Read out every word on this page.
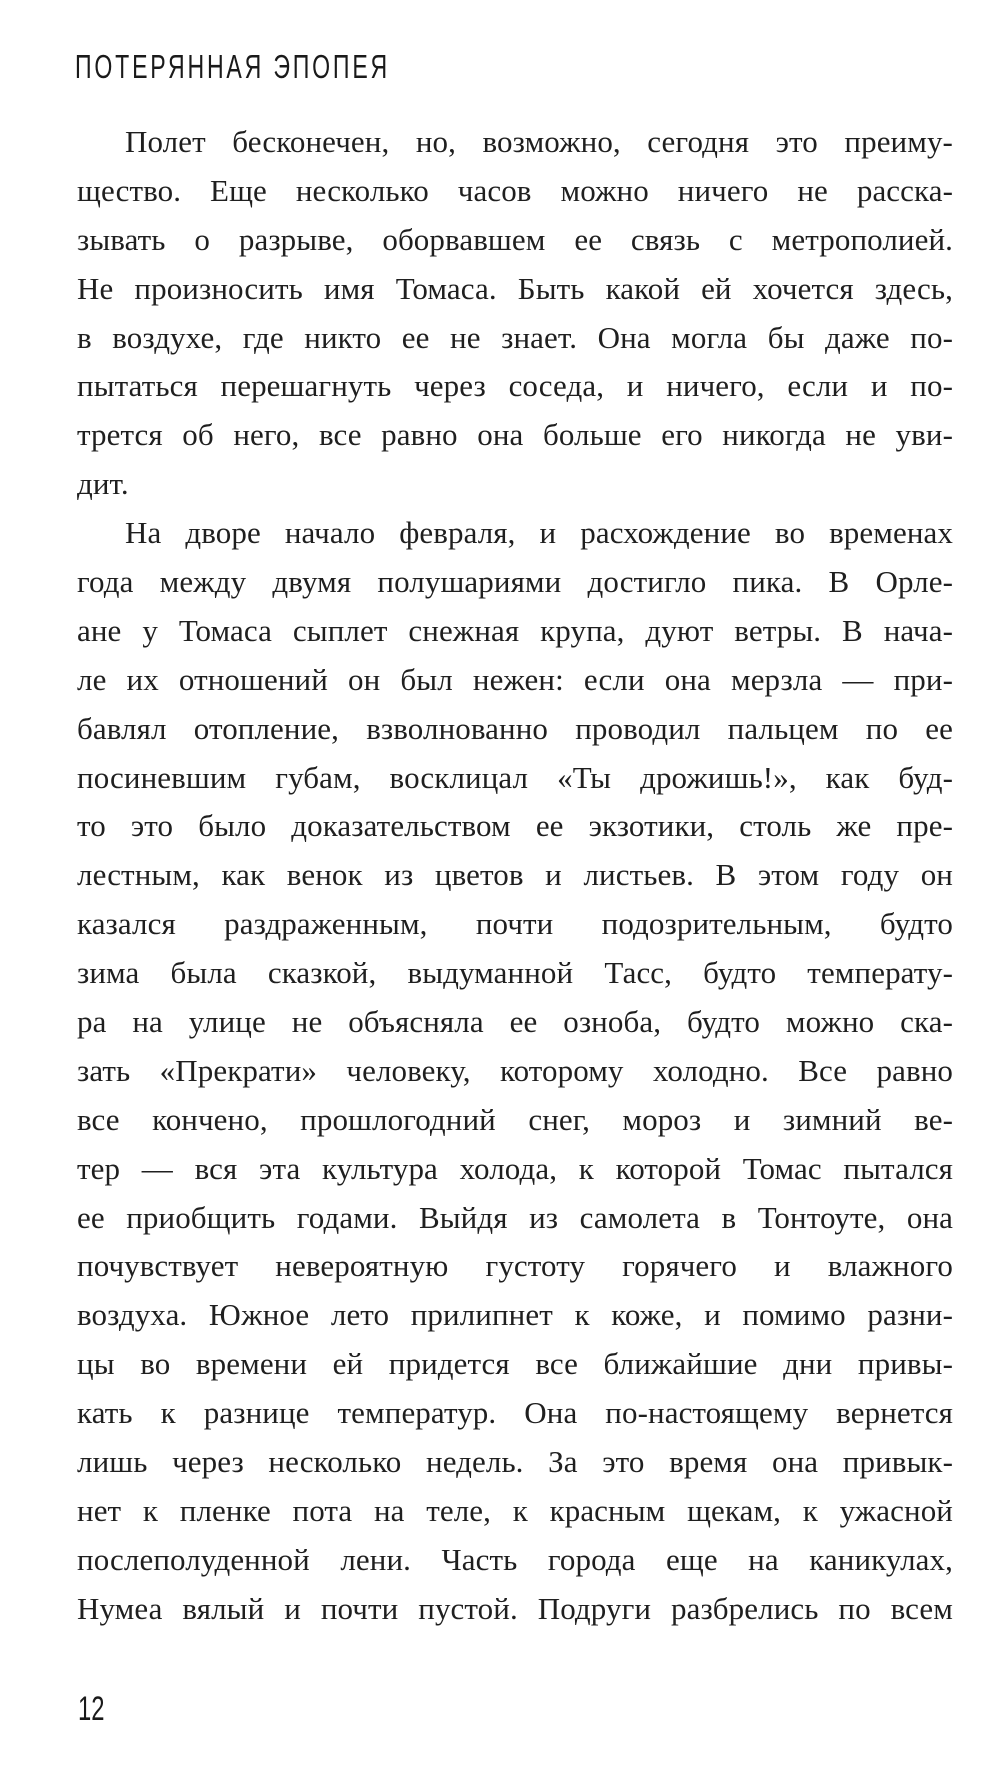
ПОТЕРЯННАЯ ЭПОПЕЯ
Полет бесконечен, но, возможно, сегодня это преиму-
щество. Еще несколько часов можно ничего не расска-
зывать о разрыве, оборвавшем ее связь с метрополией.
Не произносить имя Томаса. Быть какой ей хочется здесь,
в воздухе, где никто ее не знает. Она могла бы даже по-
пытаться перешагнуть через соседа, и ничего, если и по-
трется об него, все равно она больше его никогда не уви-
дит.
На дворе начало февраля, и расхождение во временах
года между двумя полушариями достигло пика. В Орле-
ане у Томаса сыплет снежная крупа, дуют ветры. В нача-
ле их отношений он был нежен: если она мерзла — при-
бавлял отопление, взволнованно проводил пальцем по ее
посиневшим губам, восклицал «Ты дрожишь!», как буд-
то это было доказательством ее экзотики, столь же пре-
лестным, как венок из цветов и листьев. В этом году он
казался раздраженным, почти подозрительным, будто
зима была сказкой, выдуманной Тасс, будто температу-
ра на улице не объясняла ее озноба, будто можно ска-
зать «Прекрати» человеку, которому холодно. Все равно
все кончено, прошлогодний снег, мороз и зимний ве-
тер — вся эта культура холода, к которой Томас пытался
ее приобщить годами. Выйдя из самолета в Тонтоуте, она
почувствует невероятную густоту горячего и влажного
воздуха. Южное лето прилипнет к коже, и помимо разни-
цы во времени ей придется все ближайшие дни привы-
кать к разнице температур. Она по-настоящему вернется
лишь через несколько недель. За это время она привык-
нет к пленке пота на теле, к красным щекам, к ужасной
послеполуденной лени. Часть города еще на каникулах,
Нумеа вялый и почти пустой. Подруги разбрелись по всем
12
